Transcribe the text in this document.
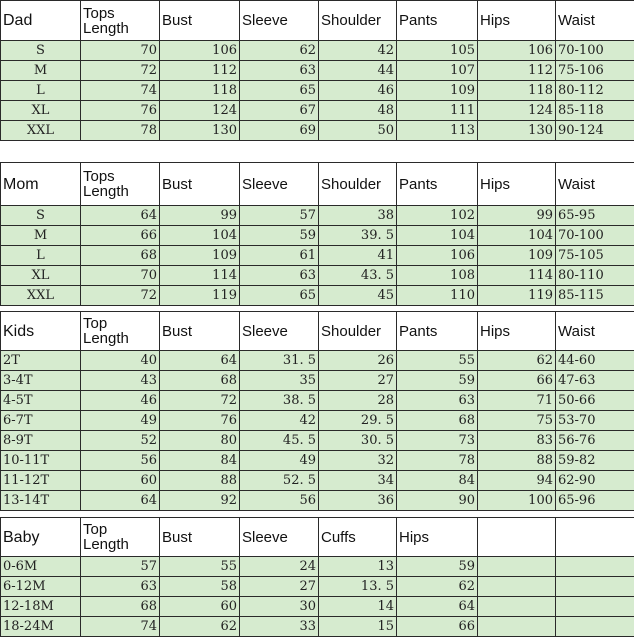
Dad	Tops Length	Bust	Sleeve	Shoulder	Pants	Hips	Waist
S	70	106	62	42	105	106	70-100
M	72	112	63	44	107	112	75-106
L	74	118	65	46	109	118	80-112
XL	76	124	67	48	111	124	85-118
XXL	78	130	69	50	113	130	90-124
Mom	Tops Length	Bust	Sleeve	Shoulder	Pants	Hips	Waist
S	64	99	57	38	102	99	65-95
M	66	104	59	39. 5	104	104	70-100
L	68	109	61	41	106	109	75-105
XL	70	114	63	43. 5	108	114	80-110
XXL	72	119	65	45	110	119	85-115
Kids	Top Length	Bust	Sleeve	Shoulder	Pants	Hips	Waist
2T	40	64	31. 5	26	55	62	44-60
3-4T	43	68	35	27	59	66	47-63
4-5T	46	72	38. 5	28	63	71	50-66
6-7T	49	76	42	29. 5	68	75	53-70
8-9T	52	80	45. 5	30. 5	73	83	56-76
10-11T	56	84	49	32	78	88	59-82
11-12T	60	88	52. 5	34	84	94	62-90
13-14T	64	92	56	36	90	100	65-96
Baby	Top Length	Bust	Sleeve	Cuffs	Hips		
0-6M	57	55	24	13	59		
6-12M	63	58	27	13. 5	62		
12-18M	68	60	30	14	64		
18-24M	74	62	33	15	66		
